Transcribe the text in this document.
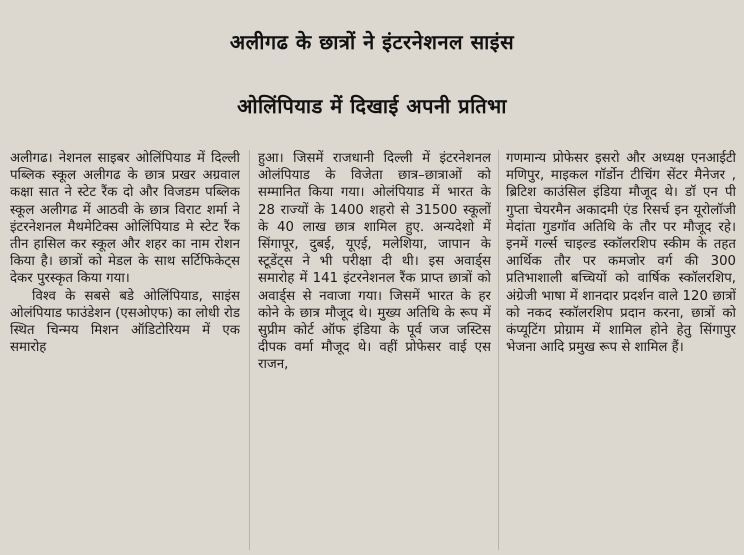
अलीगढ के छात्रों ने इंटरनेशनल साइंस
ओलिंपियाड में दिखाई अपनी प्रतिभा

अलीगढ। नेशनल साइबर ओलिंपियाड में दिल्ली पब्लिक स्कूल अलीगढ के छात्र प्रखर अग्रवाल कक्षा सात ने स्टेट रैंक दो और विजडम पब्लिक स्कूल अलीगढ में आठवी के छात्र विराट शर्मा ने इंटरनेशनल मैथमेटिक्स ओलिंपियाड मे स्टेट रैंक तीन हासिल कर स्कूल और शहर का नाम रोशन किया है। छात्रों को मेडल के साथ सर्टिफिकेट्स देकर पुरस्कृत किया गया।

विश्व के सबसे बडे ओलिंपियाड, साइंस ओलंपियाड फाउंडेशन (एसओएफ) का लोधी रोड स्थित चिन्मय मिशन ऑडिटोरियम में एक समारोह

हुआ। जिसमें राजधानी दिल्ली में इंटरनेशनल ओलंपियाड के विजेता छात्र–छात्राओं को सम्मानित किया गया। ओलंपियाड में भारत के 28 राज्यों के 1400 शहरो से 31500 स्कूलों के 40 लाख छात्र शामिल हुए. अन्यदेशो में सिंगापूर, दुबई, यूएई, मलेशिया, जापान के स्टूडेंट्स ने भी परीक्षा दी थी। इस अवार्ड्स समारोह में 141 इंटरनेशनल रैंक प्राप्त छात्रों को अवार्ड्स से नवाजा गया। जिसमें भारत के हर कोने के छात्र मौजूद थे। मुख्य अतिथि के रूप में सुप्रीम कोर्ट ऑफ इंडिया के पूर्व जज जस्टिस दीपक वर्मा मौजूद थे। वहीं प्रोफेसर वाई एस राजन,

गणमान्य प्रोफेसर इसरो और अध्यक्ष एनआईटी मणिपुर, माइकल गॉर्डोन टीचिंग सेंटर मैनेजर , ब्रिटिश काउंसिल इंडिया मौजूद थे। डॉ एन पी गुप्ता चेयरमैन अकादमी एंड रिसर्च इन यूरोलॉजी मेदांता गुडगॉव अतिथि के तौर पर मौजूद रहे। इनमें गर्ल्स चाइल्ड स्कॉलरशिप स्कीम के तहत आर्थिक तौर पर कमजोर वर्ग की 300 प्रतिभाशाली बच्चियों को वार्षिक स्कॉलरशिप, अंग्रेजी भाषा में शानदार प्रदर्शन वाले 120 छात्रों को नकद स्कॉलरशिप प्रदान करना, छात्रों को कंप्यूटिंग प्रोग्राम में शामिल होने हेतु सिंगापुर भेजना आदि प्रमुख रूप से शामिल हैं।
